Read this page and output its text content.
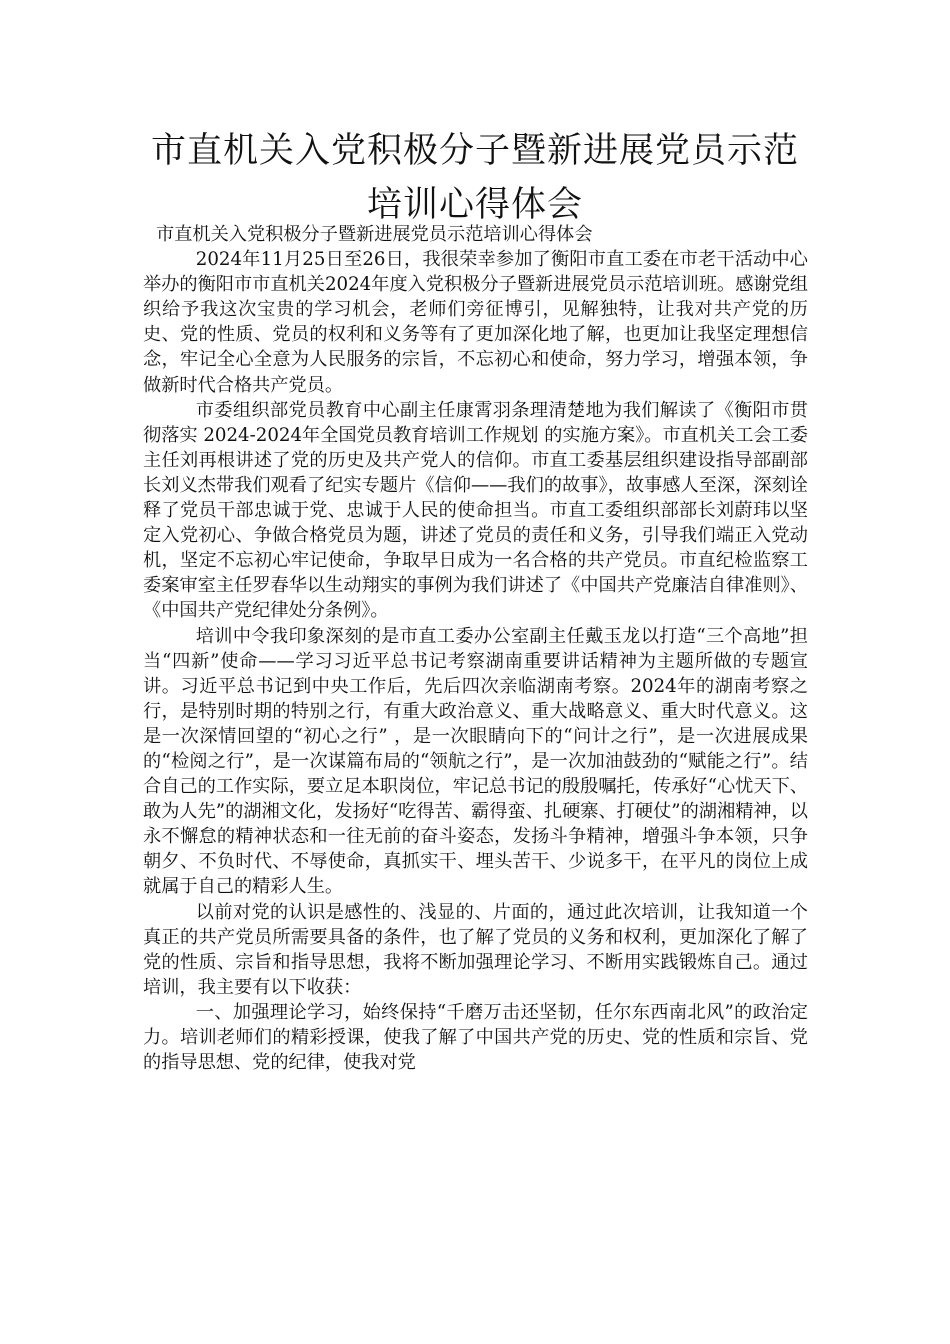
市直机关入党积极分子暨新进展党员示范培训心得体会

市直机关入党积极分子暨新进展党员示范培训心得体会

2024年11月25日至26日，我很荣幸参加了衡阳市直工委在市老干活动中心举办的衡阳市市直机关2024年度入党积极分子暨新进展党员示范培训班。感谢党组织给予我这次宝贵的学习机会，老师们旁征博引，见解独特，让我对共产党的历史、党的性质、党员的权利和义务等有了更加深化地了解，也更加让我坚定理想信念，牢记全心全意为人民服务的宗旨，不忘初心和使命，努力学习，增强本领，争做新时代合格共产党员。

市委组织部党员教育中心副主任康霄羽条理清楚地为我们解读了《衡阳市贯彻落实 2024-2024年全国党员教育培训工作规划 的实施方案》。市直机关工会工委主任刘再根讲述了党的历史及共产党人的信仰。市直工委基层组织建设指导部副部长刘义杰带我们观看了纪实专题片《信仰——我们的故事》，故事感人至深，深刻诠释了党员干部忠诚于党、忠诚于人民的使命担当。市直工委组织部部长刘蔚玮以坚定入党初心、争做合格党员为题，讲述了党员的责任和义务，引导我们端正入党动机，坚定不忘初心牢记使命，争取早日成为一名合格的共产党员。市直纪检监察工委案审室主任罗春华以生动翔实的事例为我们讲述了《中国共产党廉洁自律准则》、《中国共产党纪律处分条例》。

培训中令我印象深刻的是市直工委办公室副主任戴玉龙以打造“三个高地”担当“四新”使命——学习习近平总书记考察湖南重要讲话精神为主题所做的专题宣讲。习近平总书记到中央工作后，先后四次亲临湖南考察。2024年的湖南考察之行，是特别时期的特别之行，有重大政治意义、重大战略意义、重大时代意义。这是一次深情回望的“初心之行” ，是一次眼睛向下的“问计之行”，是一次进展成果的“检阅之行”，是一次谋篇布局的“领航之行”，是一次加油鼓劲的“赋能之行”。结合自己的工作实际，要立足本职岗位，牢记总书记的殷殷嘱托，传承好“心忧天下、敢为人先”的湖湘文化，发扬好“吃得苦、霸得蛮、扎硬寨、打硬仗”的湖湘精神，以永不懈怠的精神状态和一往无前的奋斗姿态，发扬斗争精神，增强斗争本领，只争朝夕、不负时代、不辱使命，真抓实干、埋头苦干、少说多干，在平凡的岗位上成就属于自己的精彩人生。

以前对党的认识是感性的、浅显的、片面的，通过此次培训，让我知道一个真正的共产党员所需要具备的条件，也了解了党员的义务和权利，更加深化了解了党的性质、宗旨和指导思想，我将不断加强理论学习、不断用实践锻炼自己。通过培训，我主要有以下收获：

一、加强理论学习，始终保持“千磨万击还坚韧，任尔东西南北风”的政治定力。培训老师们的精彩授课，使我了解了中国共产党的历史、党的性质和宗旨、党的指导思想、党的纪律，使我对党
